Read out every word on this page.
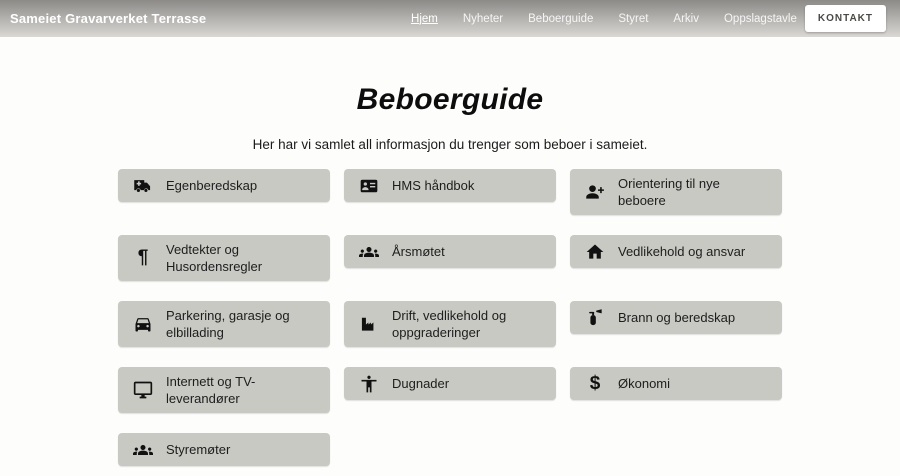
Sameiet Gravarverket Terrasse	Hjem Nyheter Beboerguide Styret Arkiv Oppslagstavle	KONTAKT
Beboerguide
Her har vi samlet all informasjon du trenger som beboer i sameiet.
Egenberedskap	HMS håndbok	Orientering til nye beboere
¶ Vedtekter og Husordensregler
Årsmøtet	Vedlikehold og ansvar
Parkering, garasje og elbillading
Drift, vedlikehold og oppgraderinger
Brann og beredskap
Internett og TV-leverandører
Dugnader	$ Økonomi
Styremøter
